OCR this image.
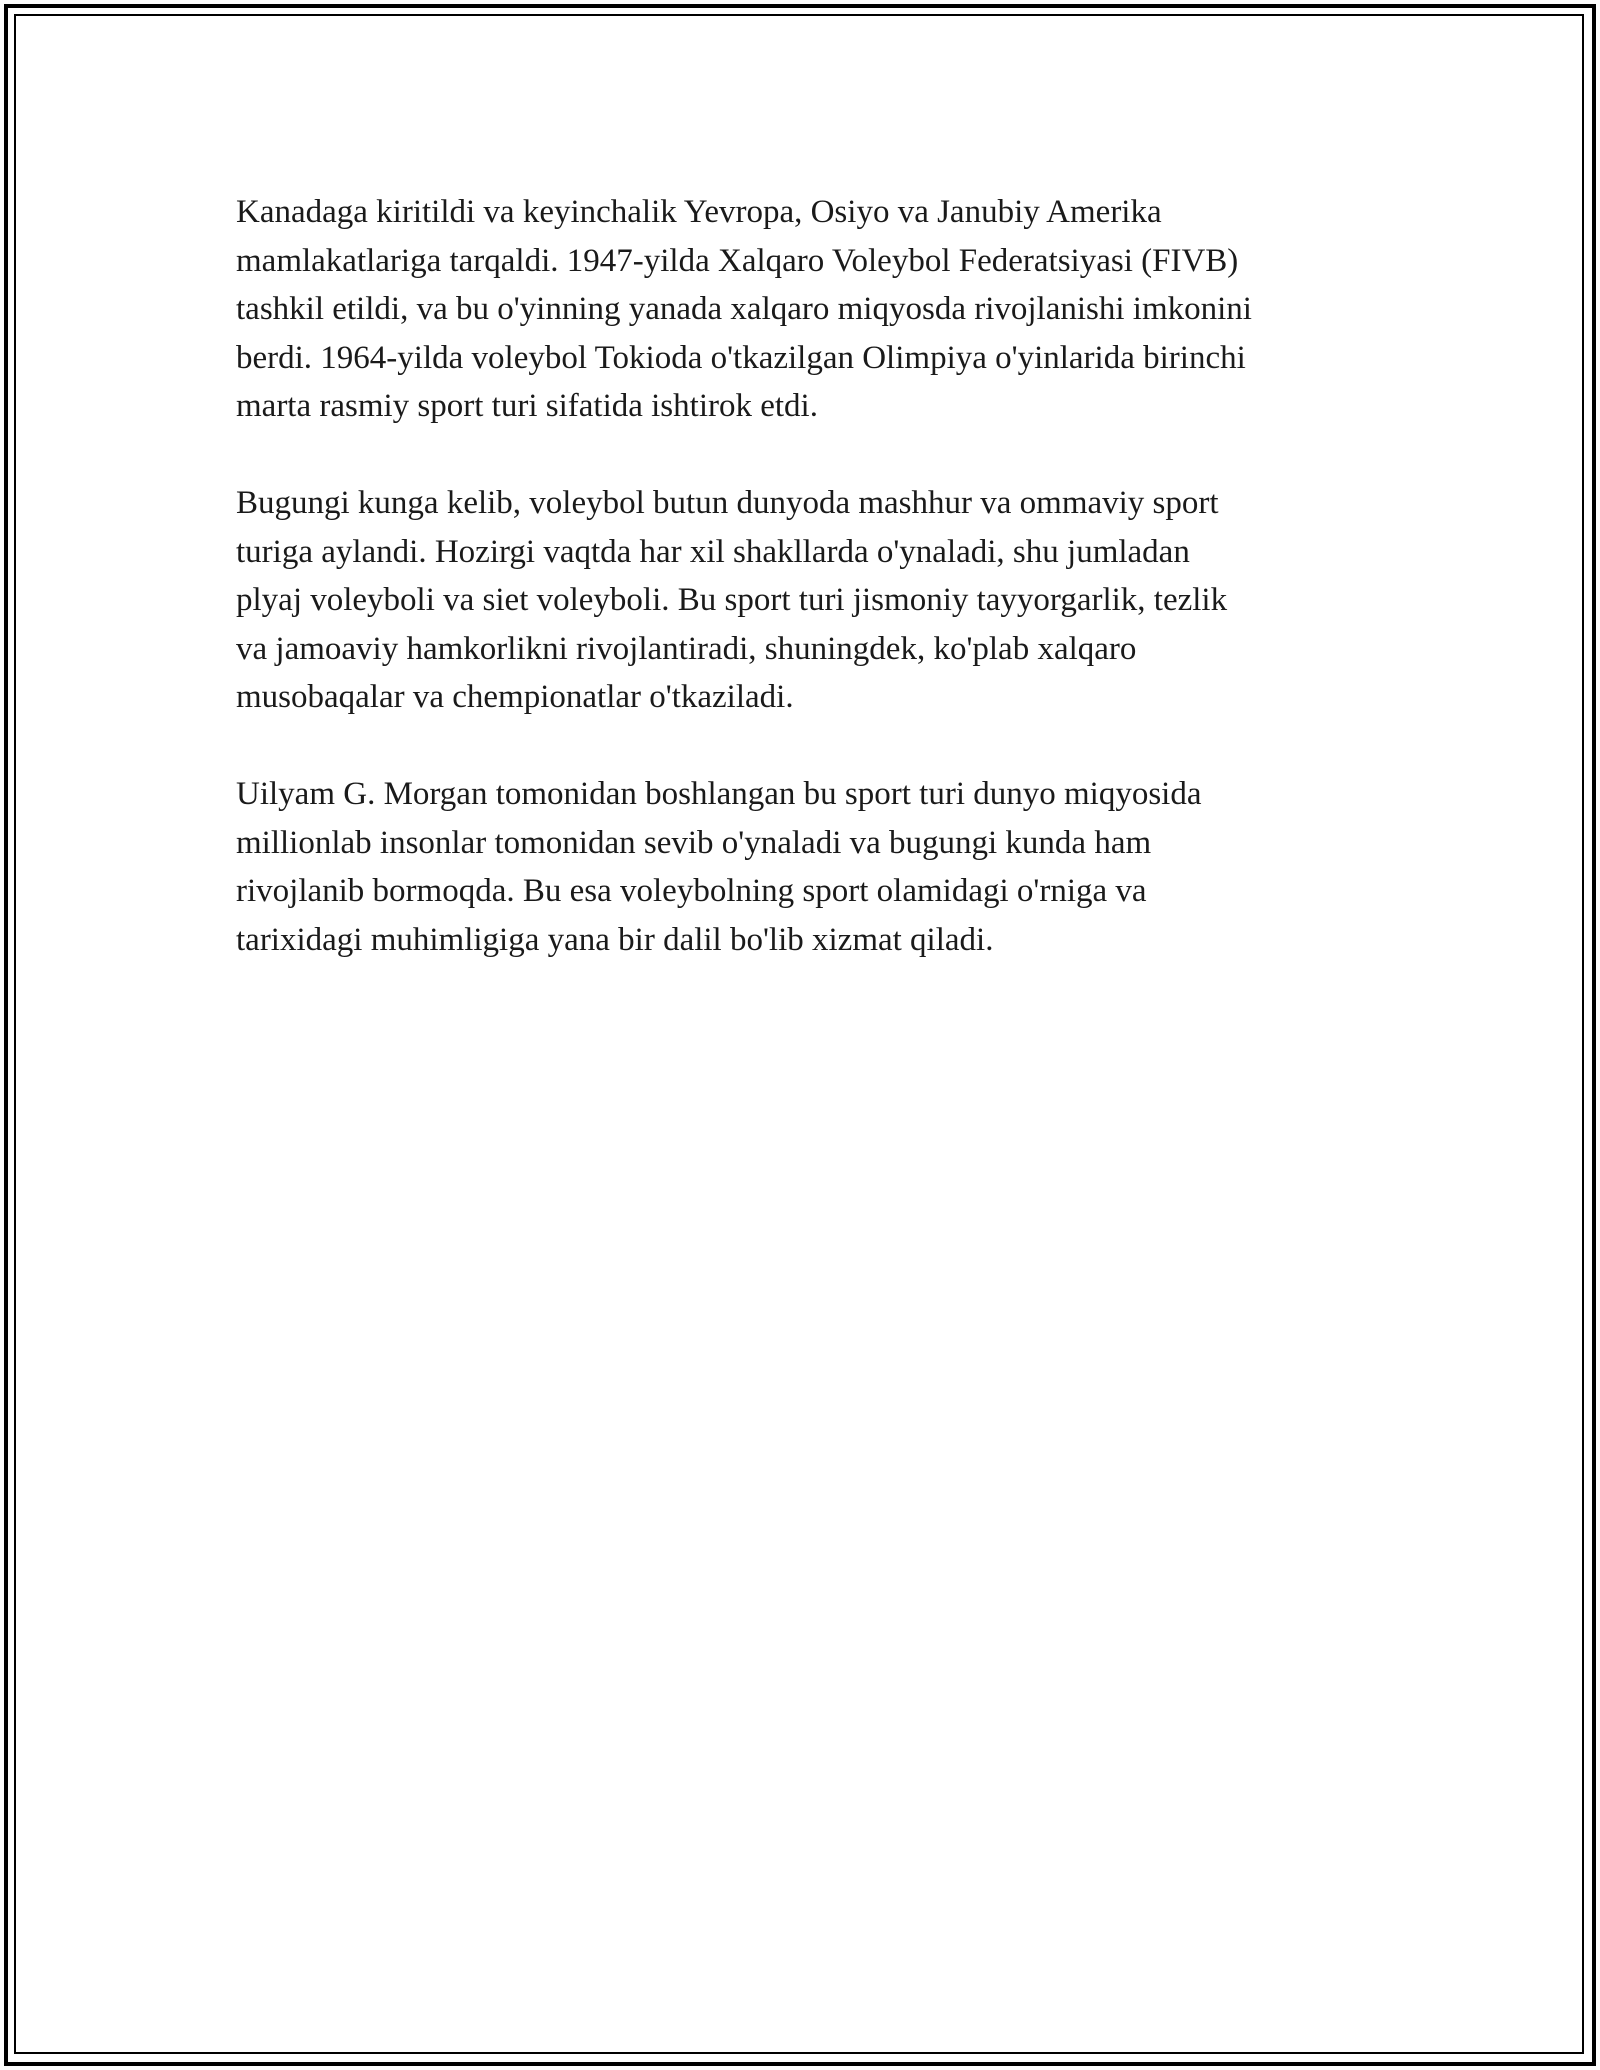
Kanadaga kiritildi va keyinchalik Yevropa, Osiyo va Janubiy Amerika
mamlakatlariga tarqaldi. 1947-yilda Xalqaro Voleybol Federatsiyasi (FIVB)
tashkil etildi, va bu o'yinning yanada xalqaro miqyosda rivojlanishi imkonini
berdi. 1964-yilda voleybol Tokioda o'tkazilgan Olimpiya o'yinlarida birinchi
marta rasmiy sport turi sifatida ishtirok etdi.

Bugungi kunga kelib, voleybol butun dunyoda mashhur va ommaviy sport
turiga aylandi. Hozirgi vaqtda har xil shakllarda o'ynaladi, shu jumladan
plyaj voleyboli va siet voleyboli. Bu sport turi jismoniy tayyorgarlik, tezlik
va jamoaviy hamkorlikni rivojlantiradi, shuningdek, ko'plab xalqaro
musobaqalar va chempionatlar o'tkaziladi.

Uilyam G. Morgan tomonidan boshlangan bu sport turi dunyo miqyosida
millionlab insonlar tomonidan sevib o'ynaladi va bugungi kunda ham
rivojlanib bormoqda. Bu esa voleybolning sport olamidagi o'rniga va
tarixidagi muhimligiga yana bir dalil bo'lib xizmat qiladi.
